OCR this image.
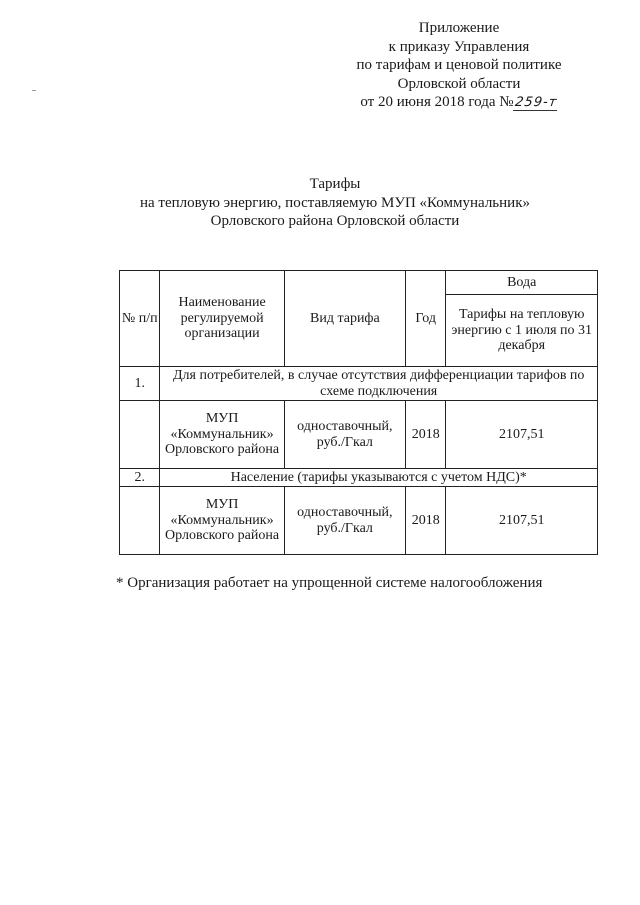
Приложение
к приказу Управления
по тарифам и ценовой политике
Орловской области
от 20 июня 2018 года №259-т
Тарифы
на тепловую энергию, поставляемую МУП «Коммунальник»
Орловского района Орловской области
№ п/п	Наименование регулируемой организации	Вид тарифа	Год	Вода
				Тарифы на тепловую энергию с 1 июля по 31 декабря
1.	Для потребителей, в случае отсутствия дифференциации тарифов по схеме подключения			
	МУП «Коммунальник» Орловского района	одноставочный, руб./Гкал	2018	2107,51
2.	Население (тарифы указываются с учетом НДС)*			
	МУП «Коммунальник» Орловского района	одноставочный, руб./Гкал	2018	2107,51
* Организация работает на упрощенной системе налогообложения
